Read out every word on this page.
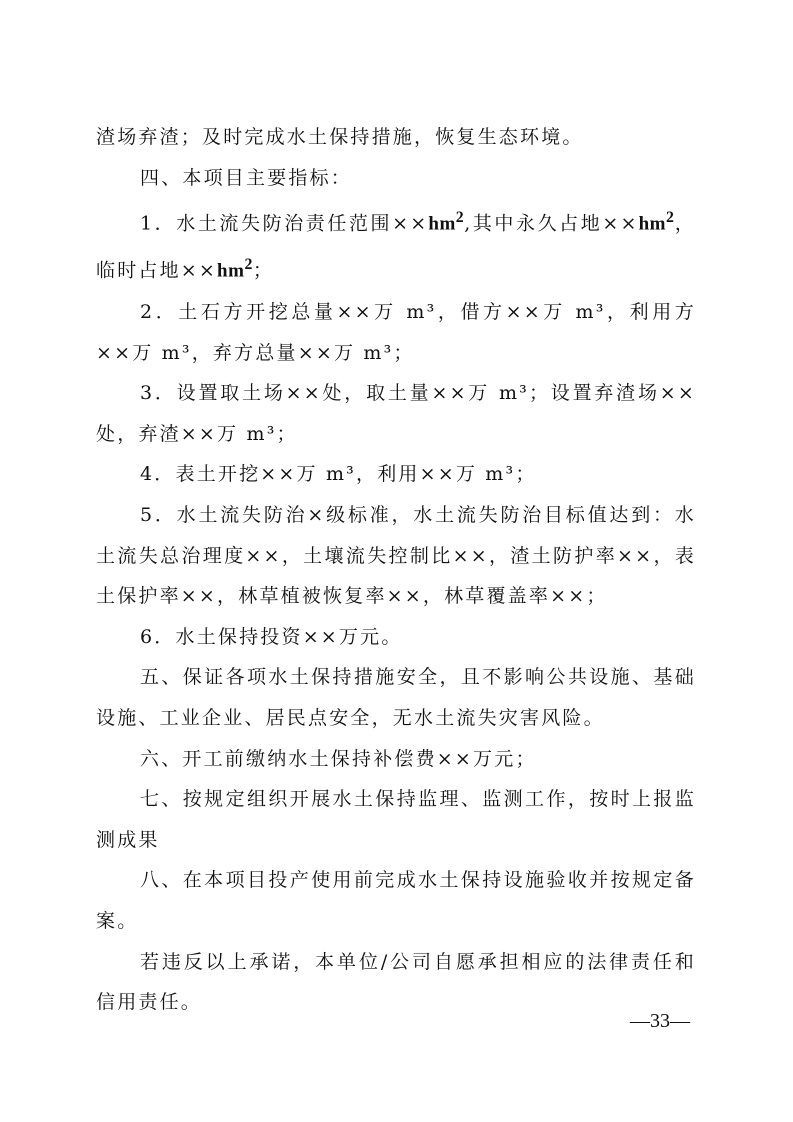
渣场弃渣；及时完成水土保持措施，恢复生态环境。

四、本项目主要指标：

1．水土流失防治责任范围$\times\times hm^2$,其中永久占地$\times\times hm^2$，临时占地$\times\times hm^2$；

2．土石方开挖总量××万 m³，借方××万 m³，利用方××万 m³，弃方总量××万 m³；

3．设置取土场××处，取土量××万 m³；设置弃渣场××处，弃渣××万 m³；

4．表土开挖××万 m³，利用××万 m³；

5．水土流失防治×级标准，水土流失防治目标值达到：水土流失总治理度××，土壤流失控制比××，渣土防护率××，表土保护率××，林草植被恢复率××，林草覆盖率××；

6．水土保持投资××万元。

五、保证各项水土保持措施安全，且不影响公共设施、基础设施、工业企业、居民点安全，无水土流失灾害风险。

六、开工前缴纳水土保持补偿费××万元；

七、按规定组织开展水土保持监理、监测工作，按时上报监测成果

八、在本项目投产使用前完成水土保持设施验收并按规定备案。

若违反以上承诺，本单位/公司自愿承担相应的法律责任和信用责任。

—33—
